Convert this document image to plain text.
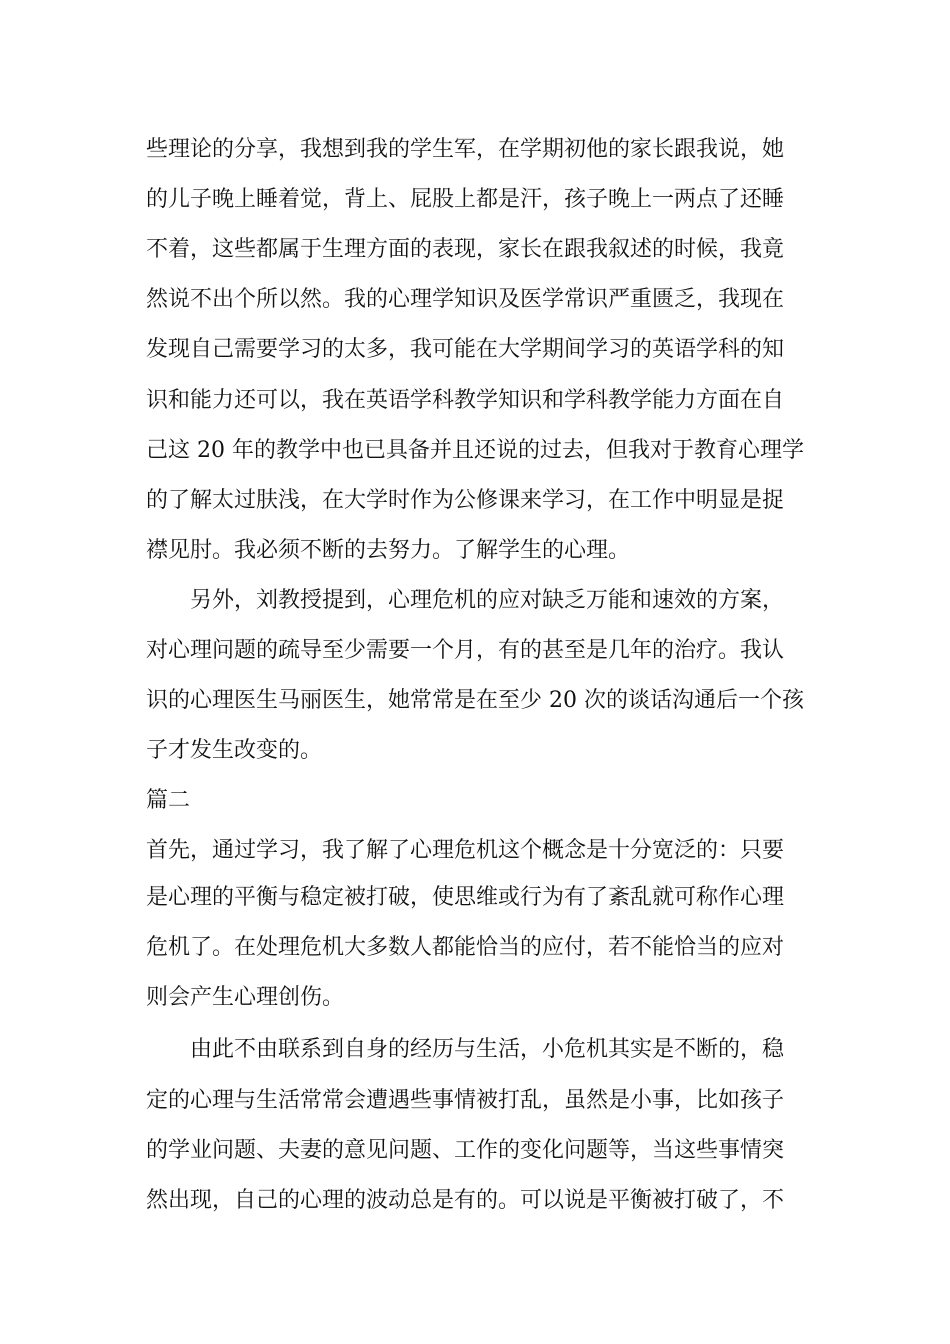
些理论的分享，我想到我的学生军，在学期初他的家长跟我说，她
的儿子晚上睡着觉，背上、屁股上都是汗，孩子晚上一两点了还睡
不着，这些都属于生理方面的表现，家长在跟我叙述的时候，我竟
然说不出个所以然。我的心理学知识及医学常识严重匮乏，我现在
发现自己需要学习的太多，我可能在大学期间学习的英语学科的知
识和能力还可以，我在英语学科教学知识和学科教学能力方面在自
己这 20 年的教学中也已具备并且还说的过去，但我对于教育心理学
的了解太过肤浅，在大学时作为公修课来学习，在工作中明显是捉
襟见肘。我必须不断的去努力。了解学生的心理。
另外，刘教授提到，心理危机的应对缺乏万能和速效的方案，
对心理问题的疏导至少需要一个月，有的甚至是几年的治疗。我认
识的心理医生马丽医生，她常常是在至少 20 次的谈话沟通后一个孩
子才发生改变的。
篇二
首先，通过学习，我了解了心理危机这个概念是十分宽泛的：只要
是心理的平衡与稳定被打破，使思维或行为有了紊乱就可称作心理
危机了。在处理危机大多数人都能恰当的应付，若不能恰当的应对
则会产生心理创伤。
由此不由联系到自身的经历与生活，小危机其实是不断的，稳
定的心理与生活常常会遭遇些事情被打乱，虽然是小事，比如孩子
的学业问题、夫妻的意见问题、工作的变化问题等，当这些事情突
然出现，自己的心理的波动总是有的。可以说是平衡被打破了，不
